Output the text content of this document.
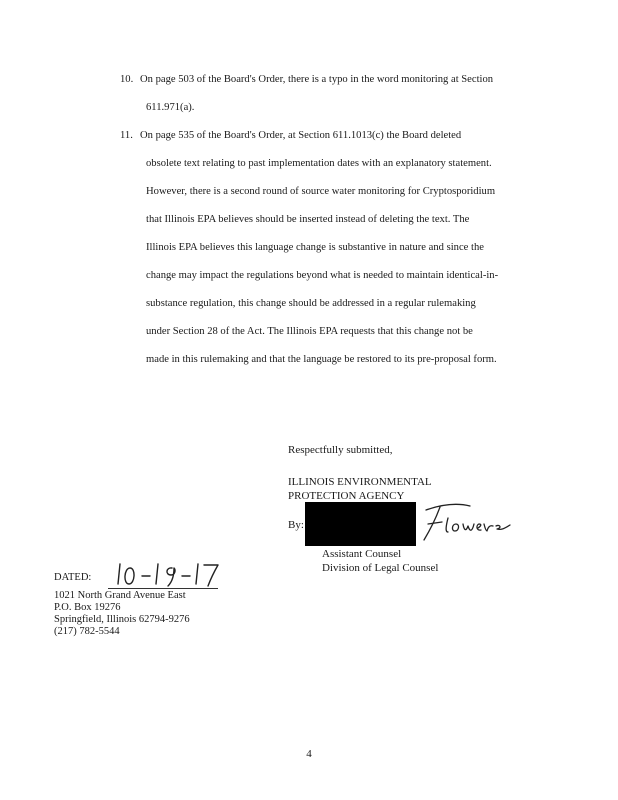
10. On page 503 of the Board's Order, there is a typo in the word monitoring at Section
611.971(a).
11. On page 535 of the Board's Order, at Section 611.1013(c) the Board deleted
obsolete text relating to past implementation dates with an explanatory statement.
However, there is a second round of source water monitoring for Cryptosporidium
that Illinois EPA believes should be inserted instead of deleting the text. The
Illinois EPA believes this language change is substantive in nature and since the
change may impact the regulations beyond what is needed to maintain identical-in-
substance regulation, this change should be addressed in a regular rulemaking
under Section 28 of the Act. The Illinois EPA requests that this change not be
made in this rulemaking and that the language be restored to its pre-proposal form.
Respectfully submitted,
ILLINOIS ENVIRONMENTAL
PROTECTION AGENCY
By:
Assistant Counsel
Division of Legal Counsel
DATED:
1021 North Grand Avenue East
P.O. Box 19276
Springfield, Illinois 62794-9276
(217) 782-5544
4
